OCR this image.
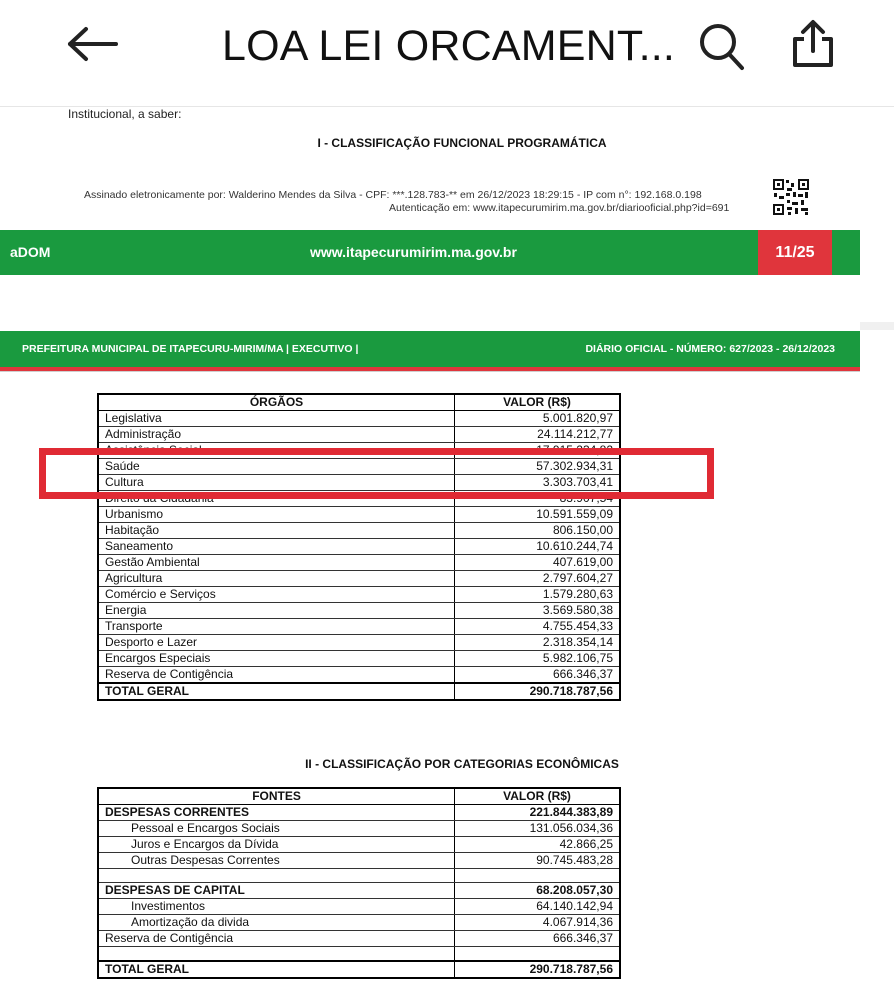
LOA LEI ORCAMENT...
Institucional, a saber:
I - CLASSIFICAÇÃO FUNCIONAL PROGRAMÁTICA
Assinado eletronicamente por: Walderino Mendes da Silva - CPF: ***.128.783-** em 26/12/2023 18:29:15 - IP com n°: 192.168.0.198
Autenticação em: www.itapecurumirim.ma.gov.br/diariooficial.php?id=691
aDOM	www.itapecurumirim.ma.gov.br	11/25
PREFEITURA MUNICIPAL DE ITAPECURU-MIRIM/MA | EXECUTIVO |	DIÁRIO OFICIAL - NÚMERO: 627/2023 - 26/12/2023
ÓRGÃOS	VALOR (R$)
Legislativa	5.001.820,97
Administração	24.114.212,77
Assistência Social	17.915.234,82
Saúde	57.302.934,31
Cultura	3.303.703,41
Direito da Cidadania	83.907,54
Urbanismo	10.591.559,09
Habitação	806.150,00
Saneamento	10.610.244,74
Gestão Ambiental	407.619,00
Agricultura	2.797.604,27
Comércio e Serviços	1.579.280,63
Energia	3.569.580,38
Transporte	4.755.454,33
Desporto e Lazer	2.318.354,14
Encargos Especiais	5.982.106,75
Reserva de Contigência	666.346,37
TOTAL GERAL	290.718.787,56
II - CLASSIFICAÇÃO POR CATEGORIAS ECONÔMICAS
FONTES	VALOR (R$)
DESPESAS CORRENTES	221.844.383,89
Pessoal e Encargos Sociais	131.056.034,36
Juros e Encargos da Dívida	42.866,25
Outras Despesas Correntes	90.745.483,28

DESPESAS DE CAPITAL	68.208.057,30
Investimentos	64.140.142,94
Amortização da divida	4.067.914,36
Reserva de Contigência	666.346,37

TOTAL GERAL	290.718.787,56
